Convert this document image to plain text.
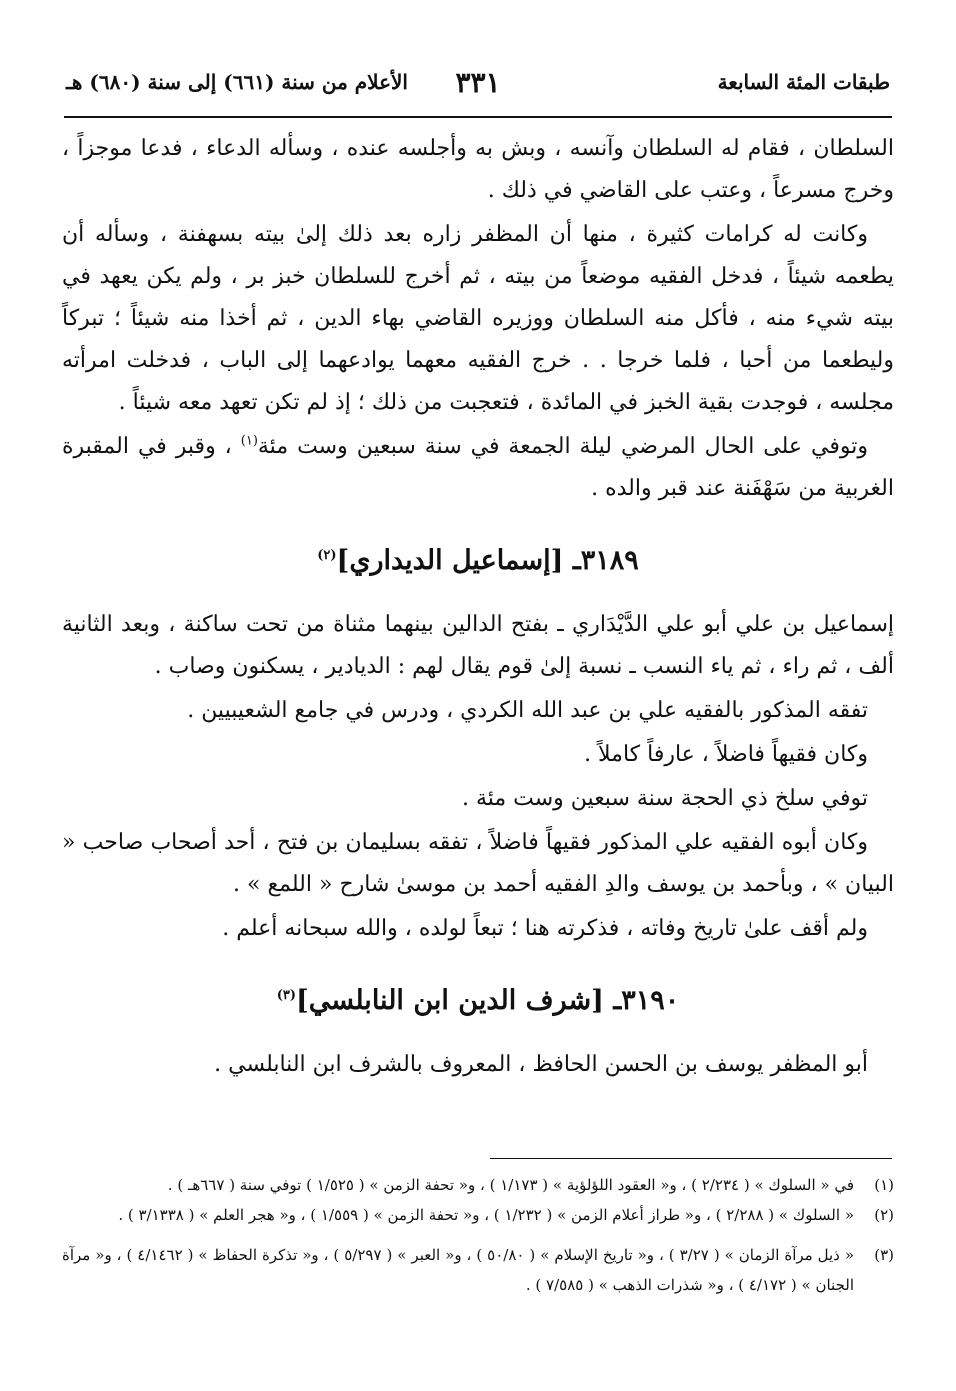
طبقات المئة السابعة
٣٣١
الأعلام من سنة (٦٦١) إلى سنة (٦٨٠) هـ

السلطان ، فقام له السلطان وآنسه ، وبش به وأجلسه عنده ، وسأله الدعاء ، فدعا موجزاً ، وخرج مسرعاً ، وعتب على القاضي في ذلك .

وكانت له كرامات كثيرة ، منها أن المظفر زاره بعد ذلك إلىٰ بيته بسهفنة ، وسأله أن يطعمه شيئاً ، فدخل الفقيه موضعاً من بيته ، ثم أخرج للسلطان خبز بر ، ولم يكن يعهد في بيته شيء منه ، فأكل منه السلطان ووزيره القاضي بهاء الدين ، ثم أخذا منه شيئاً ؛ تبركاً وليطعما من أحبا ، فلما خرجا . . خرج الفقيه معهما يوادعهما إلى الباب ، فدخلت امرأته مجلسه ، فوجدت بقية الخبز في المائدة ، فتعجبت من ذلك ؛ إذ لم تكن تعهد معه شيئاً .

وتوفي على الحال المرضي ليلة الجمعة في سنة سبعين وست مئة$^{(١)}$ ، وقبر في المقبرة الغربية من سَهْفَنة عند قبر والده .

٣١٨٩ـ [إسماعيل الديداري]$^{(٢)}$

إسماعيل بن علي أبو علي الدَّيْدَاري ـ بفتح الدالين بينهما مثناة من تحت ساكنة ، وبعد الثانية ألف ، ثم راء ، ثم ياء النسب ـ نسبة إلىٰ قوم يقال لهم : الديادير ، يسكنون وصاب .

تفقه المذكور بالفقيه علي بن عبد الله الكردي ، ودرس في جامع الشعيبيين .

وكان فقيهاً فاضلاً ، عارفاً كاملاً .

توفي سلخ ذي الحجة سنة سبعين وست مئة .

وكان أبوه الفقيه علي المذكور فقيهاً فاضلاً ، تفقه بسليمان بن فتح ، أحد أصحاب صاحب « البيان » ، وبأحمد بن يوسف والدِ الفقيه أحمد بن موسىٰ شارح « اللمع » .

ولم أقف علىٰ تاريخ وفاته ، فذكرته هنا ؛ تبعاً لولده ، والله سبحانه أعلم .

٣١٩٠ـ [شرف الدين ابن النابلسي]$^{(٣)}$

أبو المظفر يوسف بن الحسن الحافظ ، المعروف بالشرف ابن النابلسي .

(١)
في « السلوك » ( ٢/٢٣٤ ) ، و« العقود اللؤلؤية » ( ١/١٧٣ ) ، و« تحفة الزمن » ( ١/٥٢٥ ) توفي سنة ( ٦٦٧هـ ) .
(٢)
« السلوك » ( ٢/٢٨٨ ) ، و« طراز أعلام الزمن » ( ١/٢٣٢ ) ، و« تحفة الزمن » ( ١/٥٥٩ ) ، و« هجر العلم » ( ٣/١٣٣٨ ) .
(٣)
« ذيل مرآة الزمان » ( ٣/٢٧ ) ، و« تاريخ الإسلام » ( ٥٠/٨٠ ) ، و« العبر » ( ٥/٢٩٧ ) ، و« تذكرة الحفاظ » ( ٤/١٤٦٢ ) ، و« مرآة الجنان » ( ٤/١٧٢ ) ، و« شذرات الذهب » ( ٧/٥٨٥ ) .
